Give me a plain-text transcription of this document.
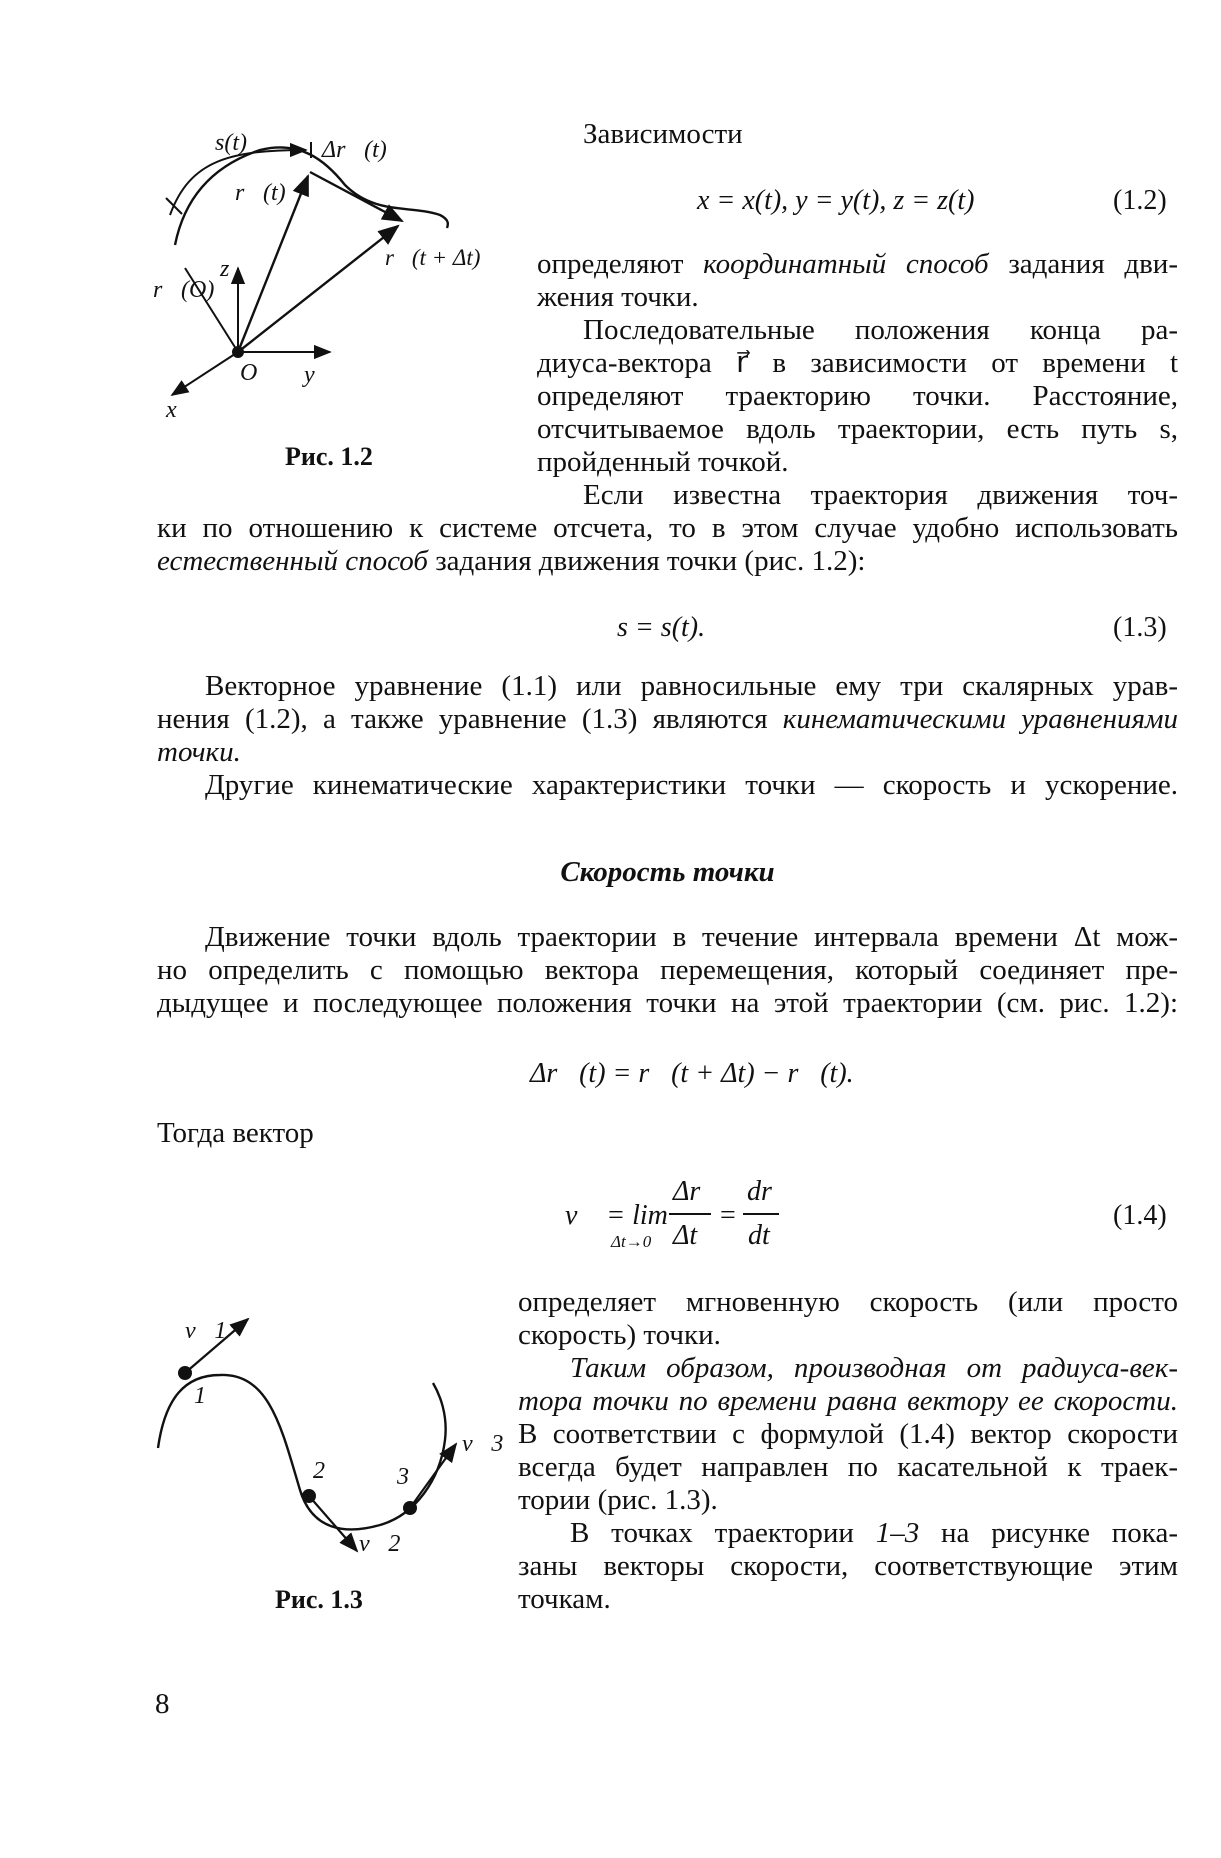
s(t)	Δr⃗(t)
r⃗(t)
r⃗(t + Δt)
r⃗(O)
z
O y
x
Рис. 1.2
Зависимости
x = x(t), y = y(t), z = z(t)	(1.2)
определяют координатный способ задания дви-
жения точки.
Последовательные положения конца ра-
диуса-вектора r⃗ в зависимости от времени t
определяют траекторию точки. Расстояние,
отсчитываемое вдоль траектории, есть путь s,
пройденный точкой.
Если известна траектория движения точ-
ки по отношению к системе отсчета, то в этом случае удобно использовать
естественный способ задания движения точки (рис. 1.2):
s = s(t).	(1.3)
Векторное уравнение (1.1) или равносильные ему три скалярных урав-
нения (1.2), а также уравнение (1.3) являются кинематическими уравнениями
точки.
Другие кинематические характеристики точки — скорость и ускорение.
Скорость точки
Движение точки вдоль траектории в течение интервала времени Δt мож-
но определить с помощью вектора перемещения, который соединяет пре-
дыдущее и последующее положения точки на этой траектории (см. рис. 1.2):
Δr⃗(t) = r⃗(t + Δt) − r⃗(t).
Тогда вектор
v⃗ = lim
Δt→0
Δr⃗
Δt
=
dr⃗
dt
(1.4)
v⃗1
v⃗2
v⃗3
1
2	3
Рис. 1.3
определяет мгновенную скорость (или просто
скорость) точки.
Таким образом, производная от радиуса-век-
тора точки по времени равна вектору ее скорости.
В соответствии с формулой (1.4) вектор скорости
всегда будет направлен по касательной к траек-
тории (рис. 1.3).
В точках траектории 1–3 на рисунке пока-
заны векторы скорости, соответствующие этим
точкам.
8
